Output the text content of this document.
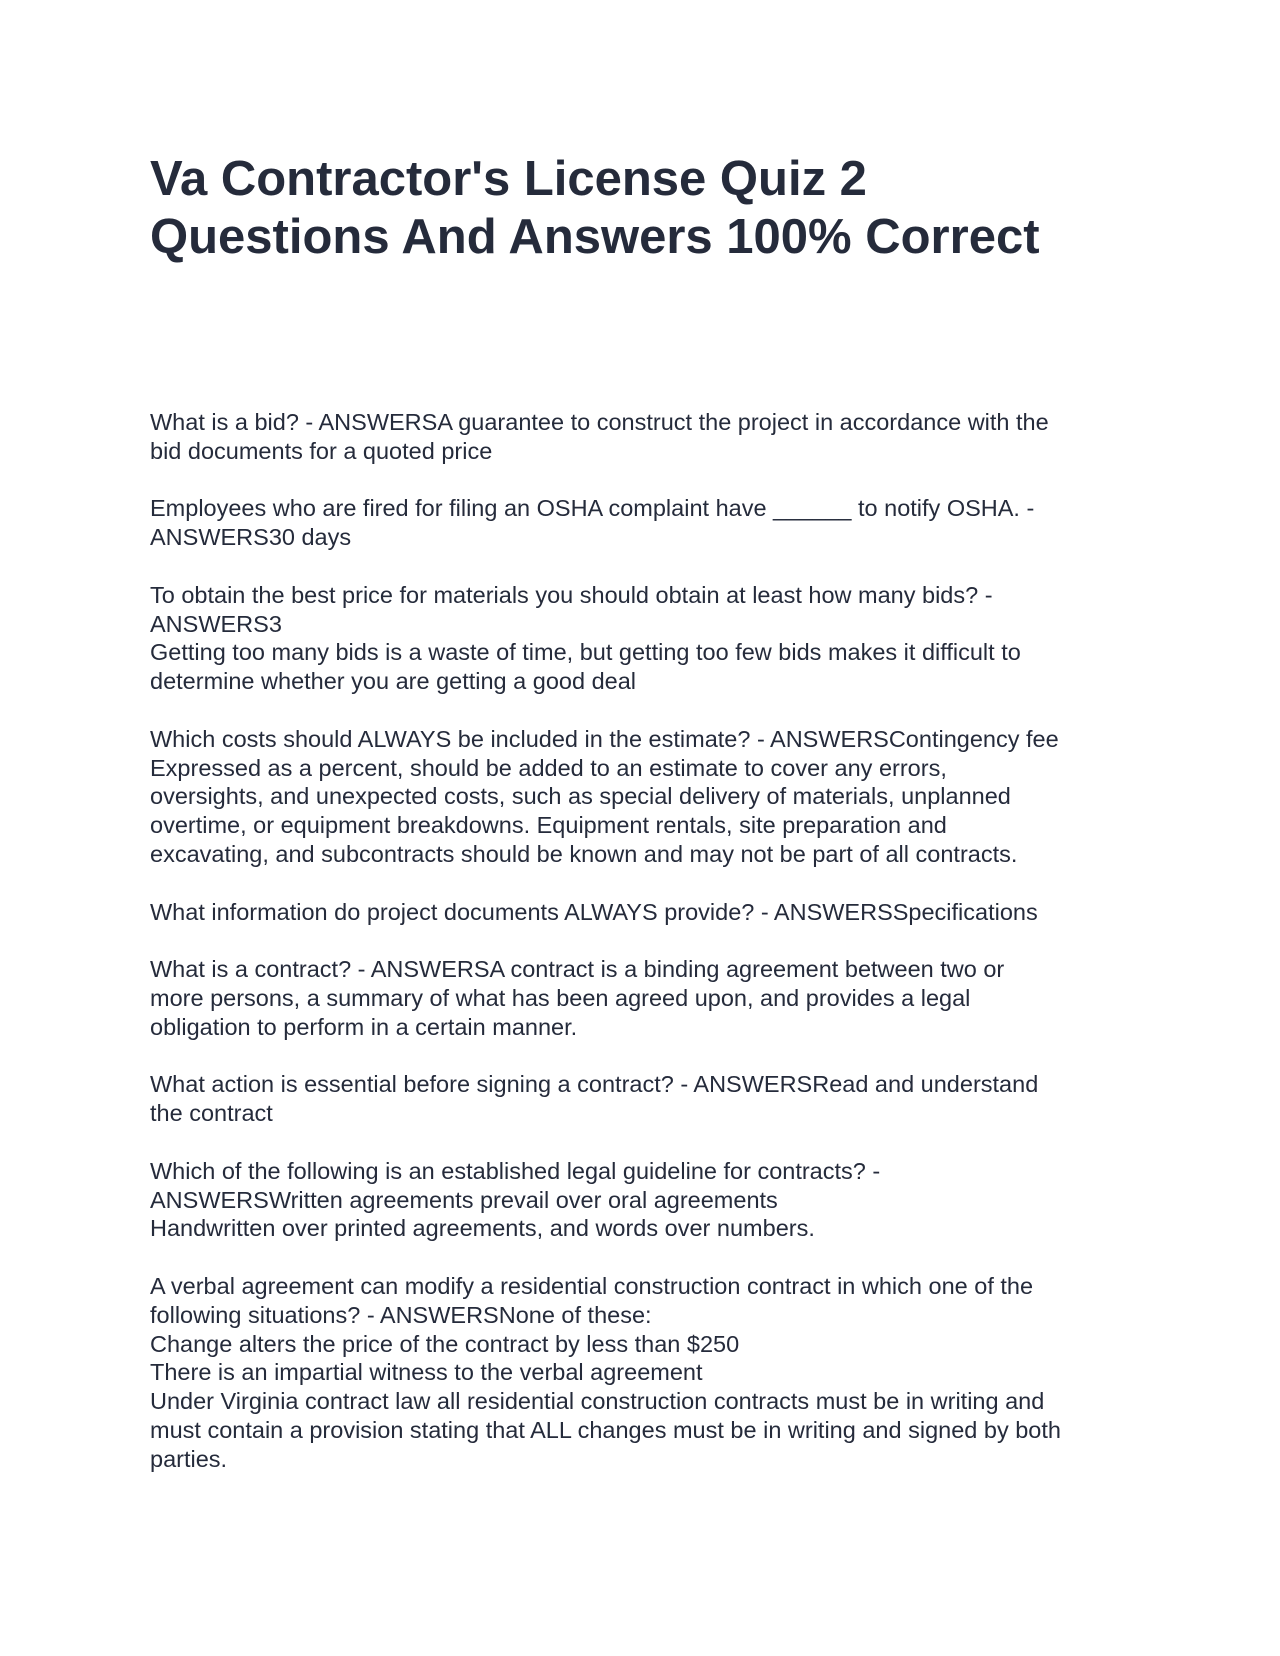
Va Contractor's License Quiz 2
Questions And Answers 100% Correct
What is a bid? - ANSWERSA guarantee to construct the project in accordance with the
bid documents for a quoted price
Employees who are fired for filing an OSHA complaint have ______ to notify OSHA. -
ANSWERS30 days
To obtain the best price for materials you should obtain at least how many bids? -
ANSWERS3
Getting too many bids is a waste of time, but getting too few bids makes it difficult to
determine whether you are getting a good deal
Which costs should ALWAYS be included in the estimate? - ANSWERSContingency fee
Expressed as a percent, should be added to an estimate to cover any errors,
oversights, and unexpected costs, such as special delivery of materials, unplanned
overtime, or equipment breakdowns. Equipment rentals, site preparation and
excavating, and subcontracts should be known and may not be part of all contracts.
What information do project documents ALWAYS provide? - ANSWERSSpecifications
What is a contract? - ANSWERSA contract is a binding agreement between two or
more persons, a summary of what has been agreed upon, and provides a legal
obligation to perform in a certain manner.
What action is essential before signing a contract? - ANSWERSRead and understand
the contract
Which of the following is an established legal guideline for contracts? -
ANSWERSWritten agreements prevail over oral agreements
Handwritten over printed agreements, and words over numbers.
A verbal agreement can modify a residential construction contract in which one of the
following situations? - ANSWERSNone of these:
Change alters the price of the contract by less than $250
There is an impartial witness to the verbal agreement
Under Virginia contract law all residential construction contracts must be in writing and
must contain a provision stating that ALL changes must be in writing and signed by both
parties.
